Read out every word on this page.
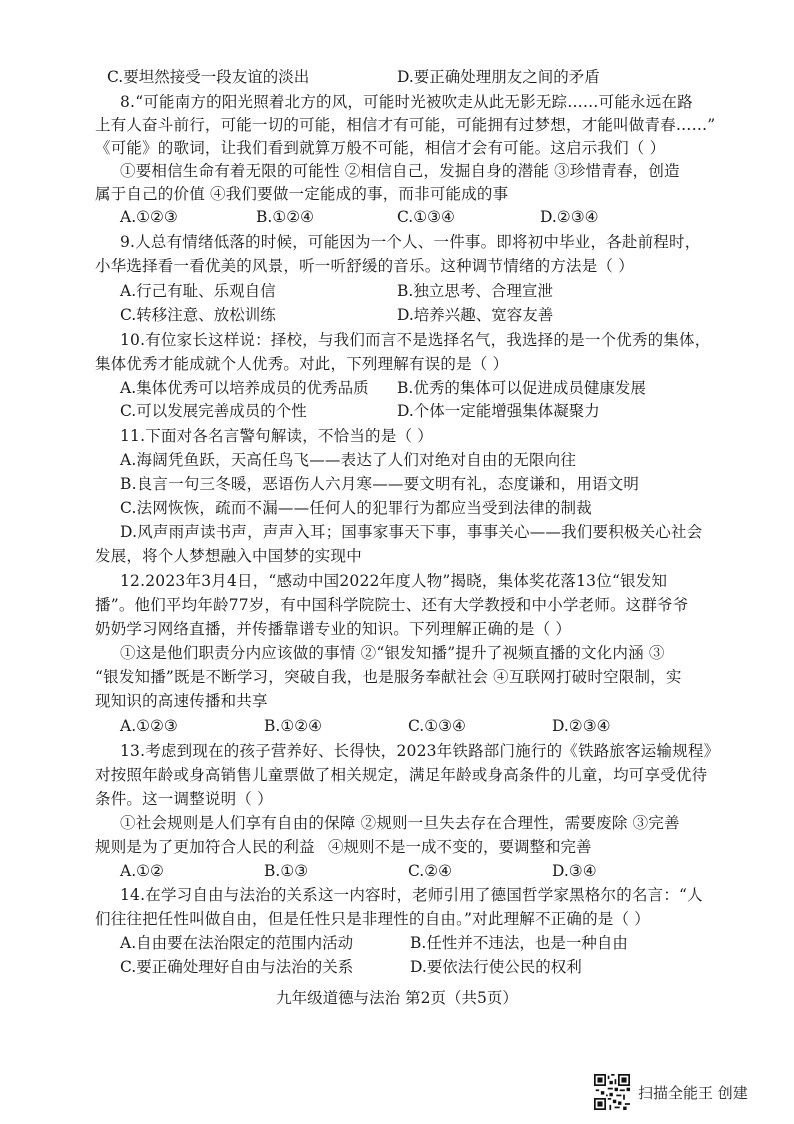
C.要坦然接受一段友谊的淡出	D.要正确处理朋友之间的矛盾
8.“可能南方的阳光照着北方的风，可能时光被吹走从此无影无踪……可能永远在路
上有人奋斗前行，可能一切的可能，相信才有可能，可能拥有过梦想，才能叫做青春……”
《可能》的歌词，让我们看到就算万般不可能，相信才会有可能。这启示我们（ ）
①要相信生命有着无限的可能性 ②相信自己，发掘自身的潜能 ③珍惜青春，创造
属于自己的价值 ④我们要做一定能成的事，而非可能成的事
A.①②③	B.①②④	C.①③④	D.②③④
9.人总有情绪低落的时候，可能因为一个人、一件事。即将初中毕业，各赴前程时，
小华选择看一看优美的风景，听一听舒缓的音乐。这种调节情绪的方法是（ ）
A.行己有耻、乐观自信	B.独立思考、合理宣泄
C.转移注意、放松训练	D.培养兴趣、宽容友善
10.有位家长这样说：择校，与我们而言不是选择名气，我选择的是一个优秀的集体，
集体优秀才能成就个人优秀。对此，下列理解有误的是（ ）
A.集体优秀可以培养成员的优秀品质 B.优秀的集体可以促进成员健康发展
C.可以发展完善成员的个性	D.个体一定能增强集体凝聚力
11.下面对各名言警句解读，不恰当的是（ ）
A.海阔凭鱼跃，天高任鸟飞——表达了人们对绝对自由的无限向往
B.良言一句三冬暖，恶语伤人六月寒——要文明有礼，态度谦和，用语文明
C.法网恢恢，疏而不漏——任何人的犯罪行为都应当受到法律的制裁
D.风声雨声读书声，声声入耳；国事家事天下事，事事关心——我们要积极关心社会
发展，将个人梦想融入中国梦的实现中
12.2023年3月4日，“感动中国2022年度人物”揭晓，集体奖花落13位“银发知
播”。他们平均年龄77岁，有中国科学院院士、还有大学教授和中小学老师。这群爷爷
奶奶学习网络直播，并传播靠谱专业的知识。下列理解正确的是（ ）
①这是他们职责分内应该做的事情 ②“银发知播”提升了视频直播的文化内涵 ③
“银发知播”既是不断学习，突破自我，也是服务奉献社会 ④互联网打破时空限制，实
现知识的高速传播和共享
A.①②③	B.①②④	C.①③④	D.②③④
13.考虑到现在的孩子营养好、长得快，2023年铁路部门施行的《铁路旅客运输规程》
对按照年龄或身高销售儿童票做了相关规定，满足年龄或身高条件的儿童，均可享受优待
条件。这一调整说明（ ）
①社会规则是人们享有自由的保障 ②规则一旦失去存在合理性，需要废除 ③完善
规则是为了更加符合人民的利益
A.①②	B.①③
④规则不是一成不变的，要调整和完善
C.②④	D.③④
14.在学习自由与法治的关系这一内容时，老师引用了德国哲学家黑格尔的名言：“人
们往往把任性叫做自由，但是任性只是非理性的自由。”对此理解不正确的是（ ）
A.自由要在法治限定的范围内活动	B.任性并不违法，也是一种自由
C.要正确处理好自由与法治的关系	D.要依法行使公民的权利
九年级道德与法治 第2页（共5页）
扫描全能王 创建
